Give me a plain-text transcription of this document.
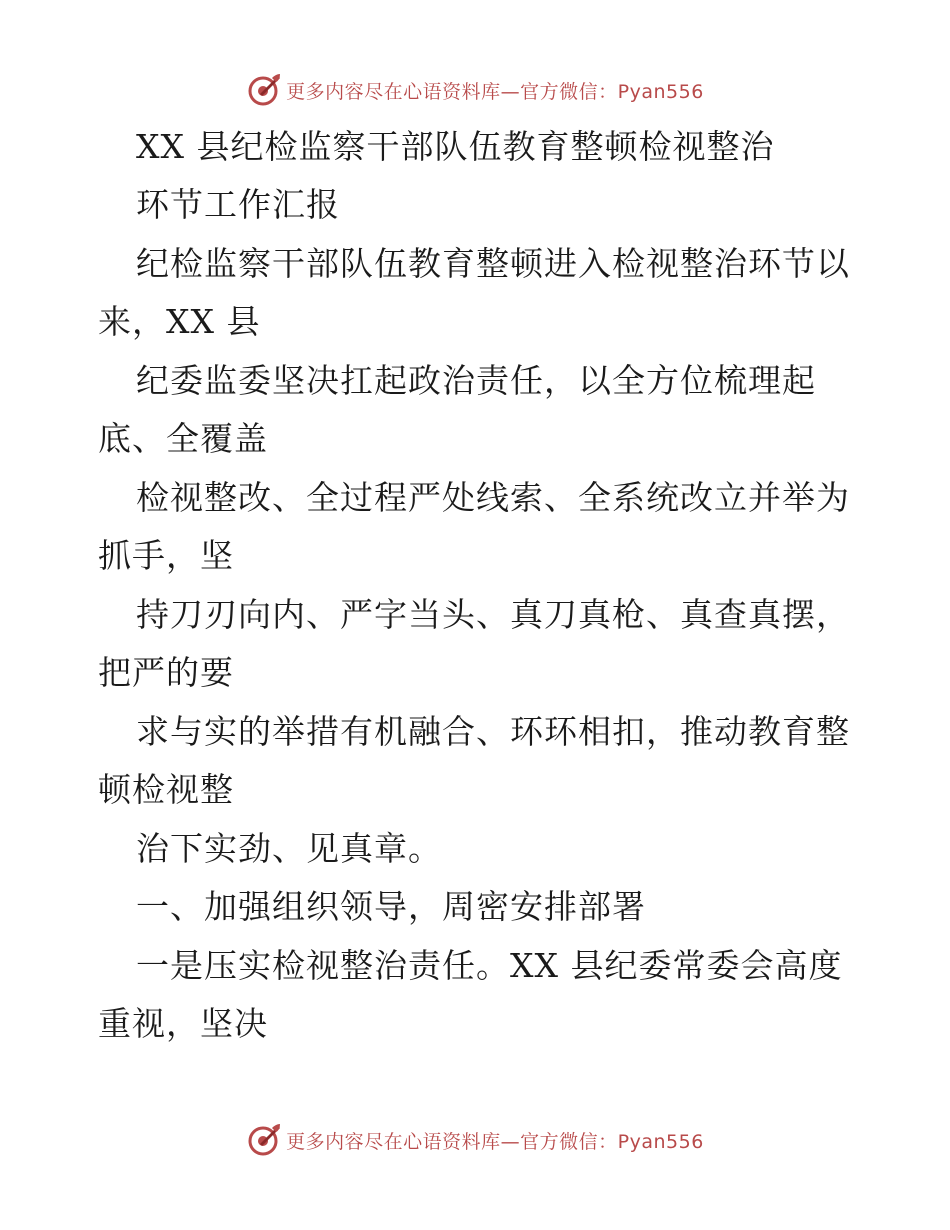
更多内容尽在心语资料库—官方微信：Pyan556
XX 县纪检监察干部队伍教育整顿检视整治
环节工作汇报
纪检监察干部队伍教育整顿进入检视整治环节以
来，XX 县
纪委监委坚决扛起政治责任，以全方位梳理起
底、全覆盖
检视整改、全过程严处线索、全系统改立并举为
抓手，坚
持刀刃向内、严字当头、真刀真枪、真查真摆，
把严的要
求与实的举措有机融合、环环相扣，推动教育整
顿检视整
治下实劲、见真章。
一、加强组织领导，周密安排部署
一是压实检视整治责任。XX 县纪委常委会高度
重视，坚决
更多内容尽在心语资料库—官方微信：Pyan556
